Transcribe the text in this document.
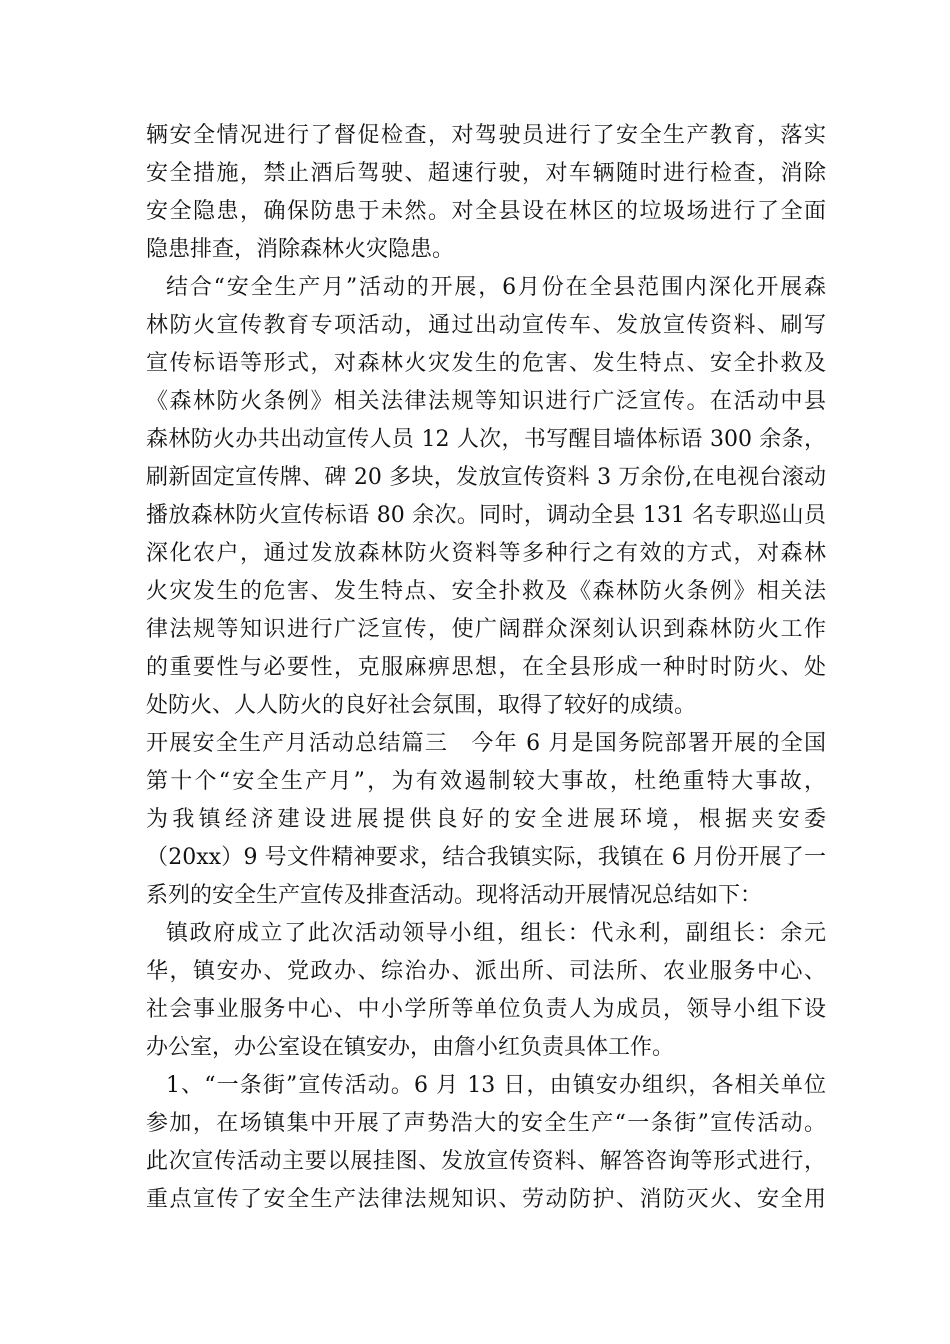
辆安全情况进行了督促检查，对驾驶员进行了安全生产教育，落实
安全措施，禁止酒后驾驶、超速行驶，对车辆随时进行检查，消除
安全隐患，确保防患于未然。对全县设在林区的垃圾场进行了全面
隐患排查，消除森林火灾隐患。
结合“安全生产月”活动的开展，6月份在全县范围内深化开展森
林防火宣传教育专项活动，通过出动宣传车、发放宣传资料、刷写
宣传标语等形式，对森林火灾发生的危害、发生特点、安全扑救及
《森林防火条例》相关法律法规等知识进行广泛宣传。在活动中县
森林防火办共出动宣传人员 12 人次，书写醒目墙体标语 300 余条，
刷新固定宣传牌、碑 20 多块，发放宣传资料 3 万余份,在电视台滚动
播放森林防火宣传标语 80 余次。同时，调动全县 131 名专职巡山员
深化农户，通过发放森林防火资料等多种行之有效的方式，对森林
火灾发生的危害、发生特点、安全扑救及《森林防火条例》相关法
律法规等知识进行广泛宣传，使广阔群众深刻认识到森林防火工作
的重要性与必要性，克服麻痹思想，在全县形成一种时时防火、处
处防火、人人防火的良好社会氛围，取得了较好的成绩。
开展安全生产月活动总结篇三　今年 6 月是国务院部署开展的全国
第十个“安全生产月”，为有效遏制较大事故，杜绝重特大事故，
为我镇经济建设进展提供良好的安全进展环境，根据夹安委
（20xx）9 号文件精神要求，结合我镇实际，我镇在 6 月份开展了一
系列的安全生产宣传及排查活动。现将活动开展情况总结如下：
镇政府成立了此次活动领导小组，组长：代永利，副组长：余元
华，镇安办、党政办、综治办、派出所、司法所、农业服务中心、
社会事业服务中心、中小学所等单位负责人为成员，领导小组下设
办公室，办公室设在镇安办，由詹小红负责具体工作。
1、“一条街”宣传活动。6 月 13 日，由镇安办组织，各相关单位
参加，在场镇集中开展了声势浩大的安全生产“一条街”宣传活动。
此次宣传活动主要以展挂图、发放宣传资料、解答咨询等形式进行，
重点宣传了安全生产法律法规知识、劳动防护、消防灭火、安全用
